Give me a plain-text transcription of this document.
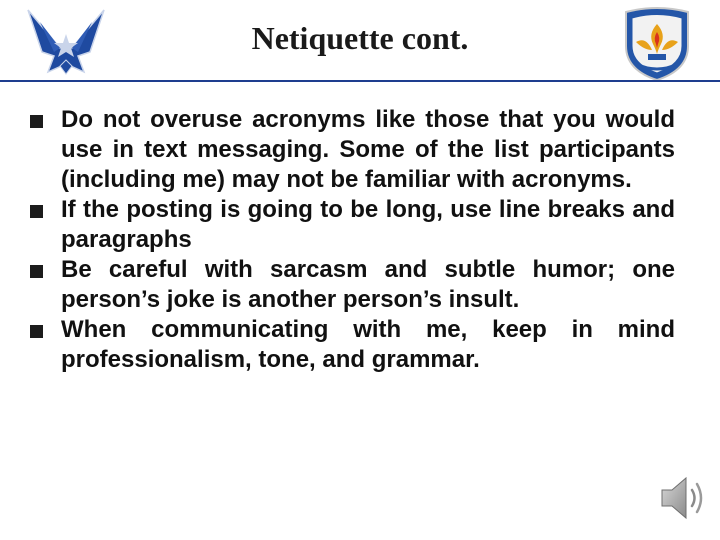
Netiquette cont.
Do not overuse acronyms like those that you would use in text messaging. Some of the list participants (including me) may not be familiar with acronyms.
If the posting is going to be long, use line breaks and paragraphs
Be careful with sarcasm and subtle humor; one person’s joke is another person’s insult.
When communicating with me, keep in mind professionalism, tone, and grammar.
